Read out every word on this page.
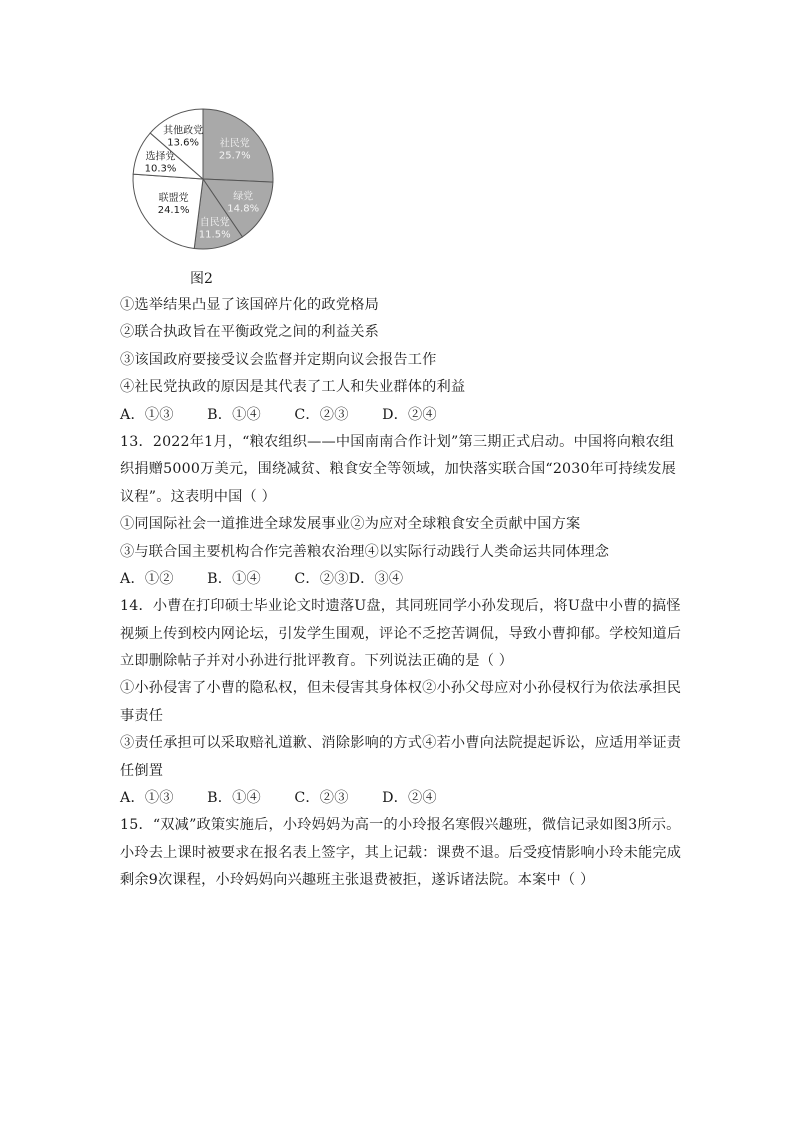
社民党
25.7%
绿党
14.8%
自民党
11.5%
联盟党
24.1%
选择党
10.3%
其他政党
13.6%
图2
①选举结果凸显了该国碎片化的政党格局
②联合执政旨在平衡政党之间的利益关系
③该国政府要接受议会监督并定期向议会报告工作
④社民党执政的原因是其代表了工人和失业群体的利益
A．①③　　 B．①④　　 C．②③　　 D．②④
13．2022年1月，“粮农组织——中国南南合作计划”第三期正式启动。中国将向粮农组
织捐赠5000万美元，围绕减贫、粮食安全等领域，加快落实联合国“2030年可持续发展
议程”。这表明中国（ ）
①同国际社会一道推进全球发展事业②为应对全球粮食安全贡献中国方案
③与联合国主要机构合作完善粮农治理④以实际行动践行人类命运共同体理念
A．①②　　 B．①④　　 C．②③D．③④
14．小曹在打印硕士毕业论文时遗落U盘，其同班同学小孙发现后，将U盘中小曹的搞怪
视频上传到校内网论坛，引发学生围观，评论不乏挖苦调侃，导致小曹抑郁。学校知道后
立即删除帖子并对小孙进行批评教育。下列说法正确的是（ ）
①小孙侵害了小曹的隐私权，但未侵害其身体权②小孙父母应对小孙侵权行为依法承担民
事责任
③责任承担可以采取赔礼道歉、消除影响的方式④若小曹向法院提起诉讼，应适用举证责
任倒置
A．①③　　 B．①④　　 C．②③　　 D．②④
15．“双减”政策实施后，小玲妈妈为高一的小玲报名寒假兴趣班，微信记录如图3所示。
小玲去上课时被要求在报名表上签字，其上记载：课费不退。后受疫情影响小玲未能完成
剩余9次课程，小玲妈妈向兴趣班主张退费被拒，遂诉诸法院。本案中（ ）
